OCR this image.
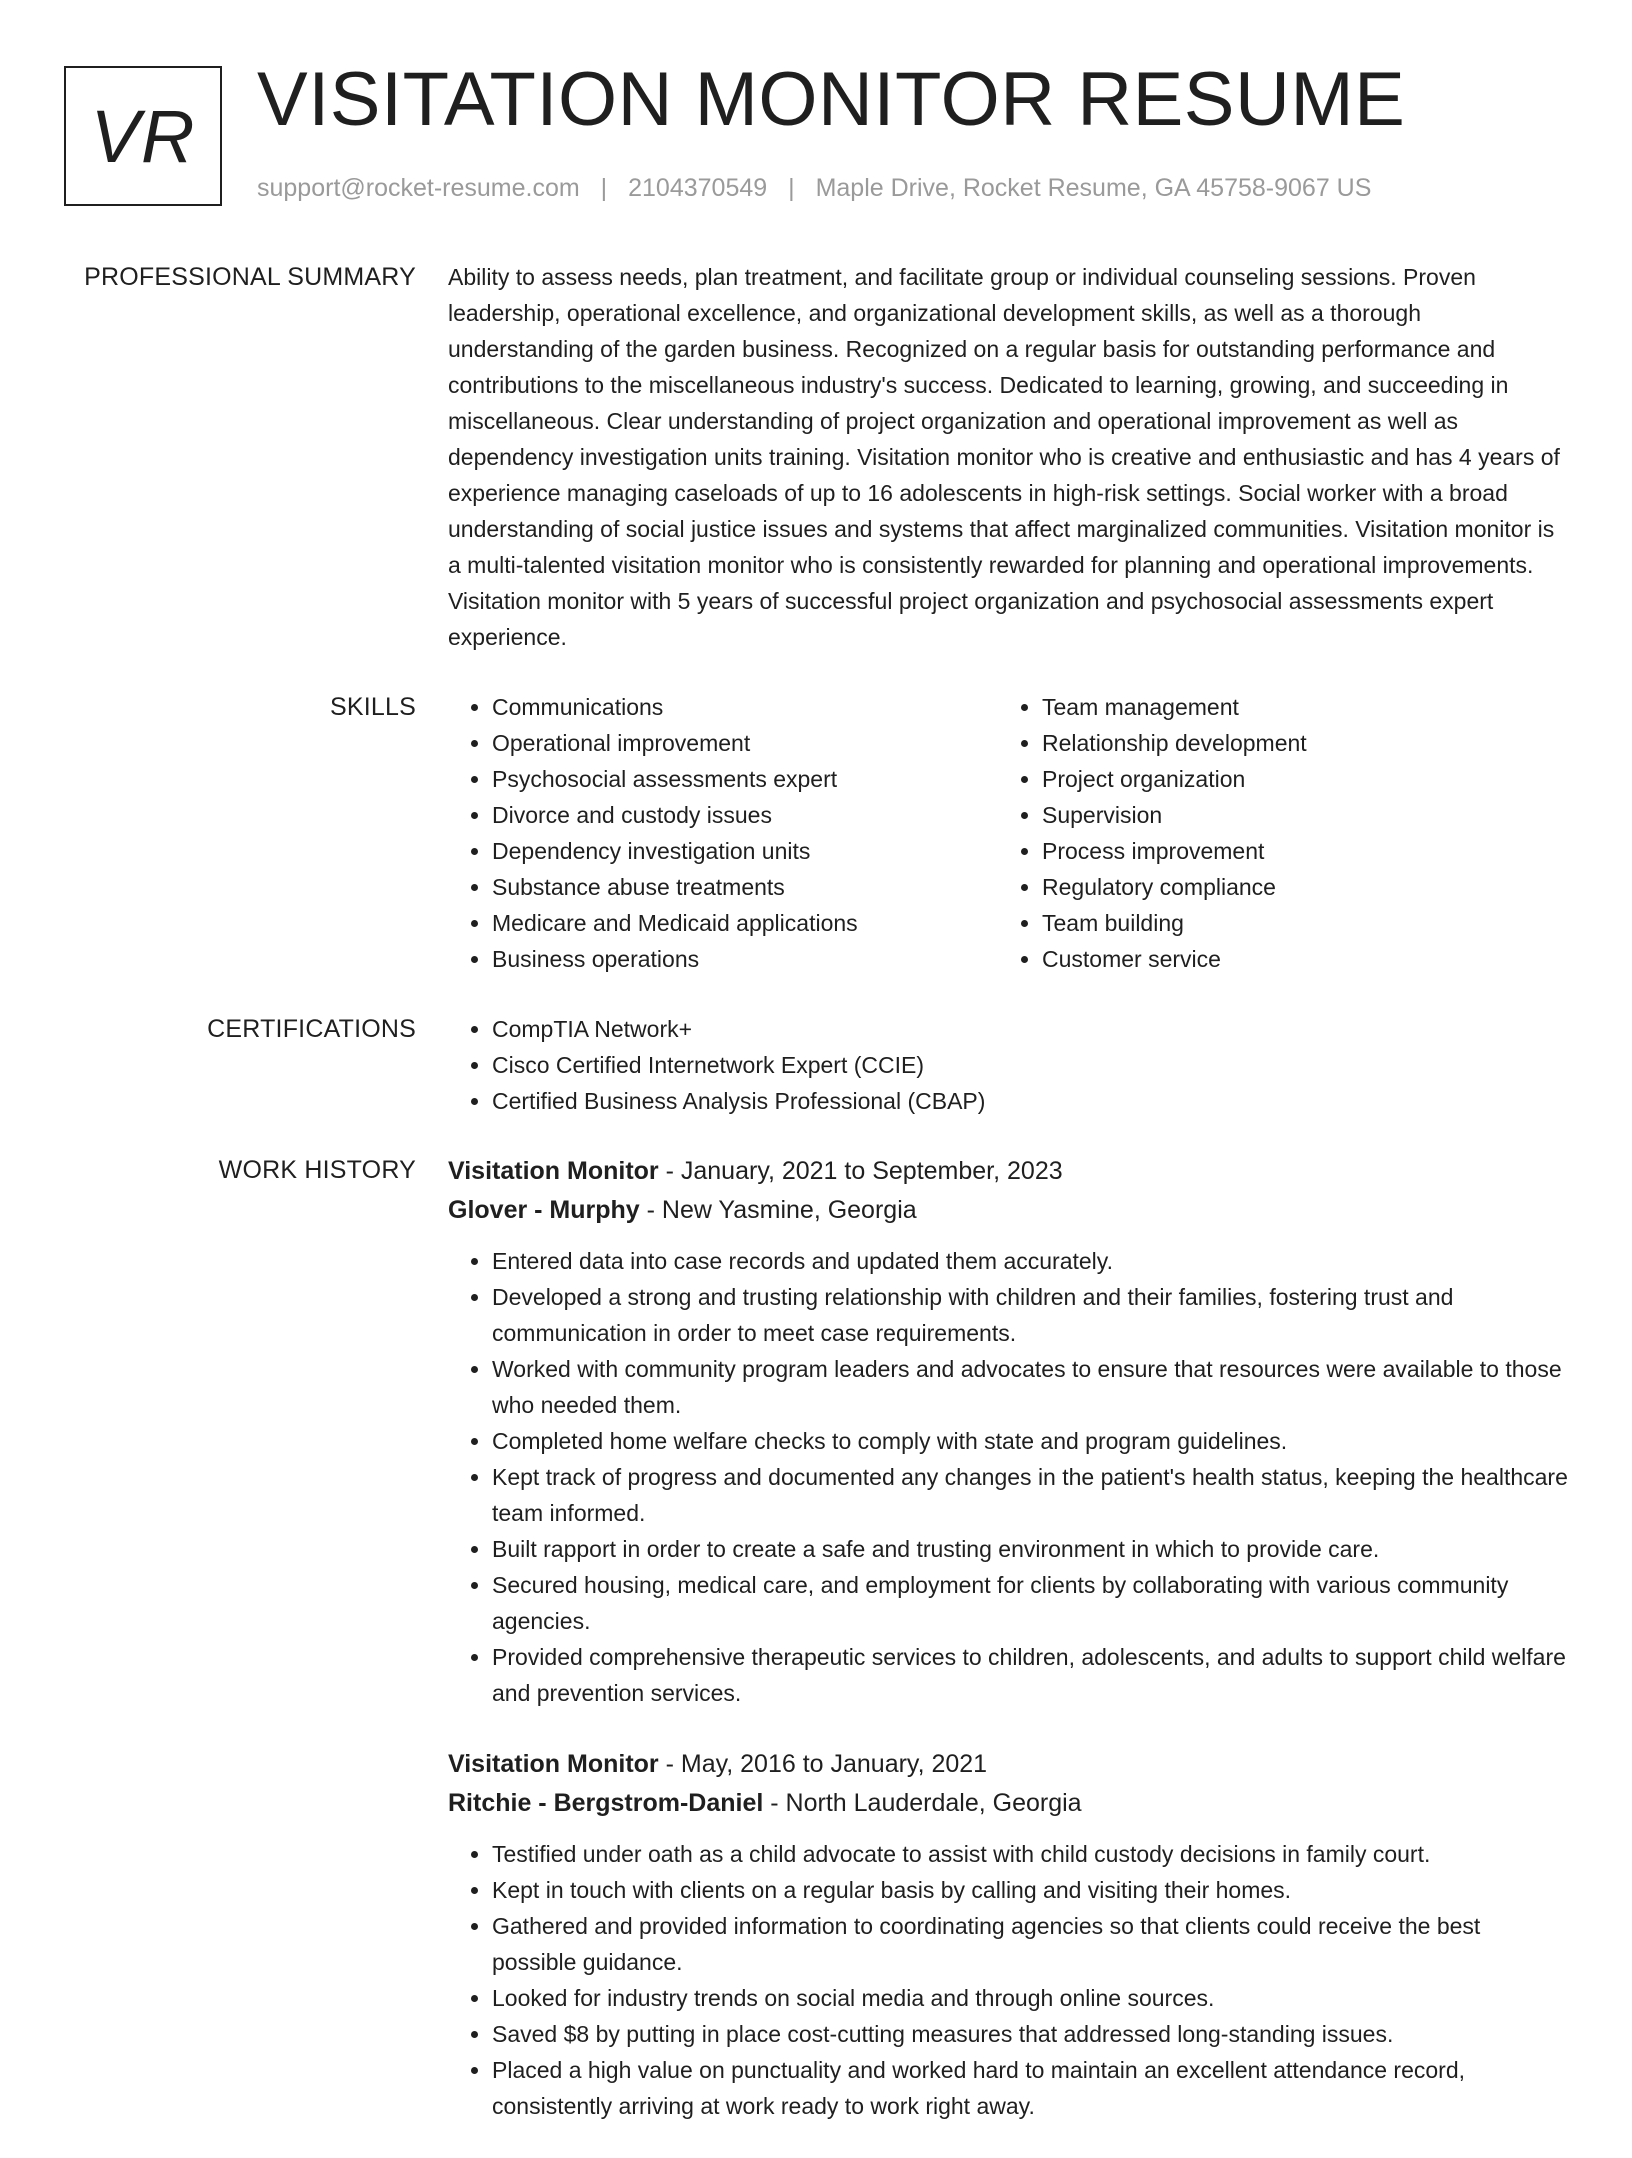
VR VISITATION MONITOR RESUME
support@rocket-resume.com | 2104370549 | Maple Drive, Rocket Resume, GA 45758-9067 US
PROFESSIONAL SUMMARY Ability to assess needs, plan treatment, and facilitate group or individual counseling sessions. Proven leadership, operational excellence, and organizational development skills, as well as a thorough understanding of the garden business. Recognized on a regular basis for outstanding performance and contributions to the miscellaneous industry's success. Dedicated to learning, growing, and succeeding in miscellaneous. Clear understanding of project organization and operational improvement as well as dependency investigation units training. Visitation monitor who is creative and enthusiastic and has 4 years of experience managing caseloads of up to 16 adolescents in high-risk settings. Social worker with a broad understanding of social justice issues and systems that affect marginalized communities. Visitation monitor is a multi-talented visitation monitor who is consistently rewarded for planning and operational improvements. Visitation monitor with 5 years of successful project organization and psychosocial assessments expert experience.

SKILLS	• Communications
• Operational improvement
• Psychosocial assessments expert
• Divorce and custody issues
• Dependency investigation units
• Substance abuse treatments
• Medicare and Medicaid applications
• Business operations
• Team management
• Relationship development
• Project organization
• Supervision
• Process improvement
• Regulatory compliance
• Team building
• Customer service
CERTIFICATIONS	• CompTIA Network+
• Cisco Certified Internetwork Expert (CCIE)
• Certified Business Analysis Professional (CBAP)
WORK HISTORY Visitation Monitor - January, 2021 to September, 2023
Glover - Murphy - New Yasmine, Georgia
• Entered data into case records and updated them accurately.
• Developed a strong and trusting relationship with children and their families, fostering trust and communication in order to meet case requirements.
• Worked with community program leaders and advocates to ensure that resources were available to those who needed them.
• Completed home welfare checks to comply with state and program guidelines.
• Kept track of progress and documented any changes in the patient's health status, keeping the healthcare team informed.
• Built rapport in order to create a safe and trusting environment in which to provide care.
• Secured housing, medical care, and employment for clients by collaborating with various community agencies.
• Provided comprehensive therapeutic services to children, adolescents, and adults to support child welfare and prevention services.
Visitation Monitor - May, 2016 to January, 2021
Ritchie - Bergstrom-Daniel - North Lauderdale, Georgia
• Testified under oath as a child advocate to assist with child custody decisions in family court.
• Kept in touch with clients on a regular basis by calling and visiting their homes.
• Gathered and provided information to coordinating agencies so that clients could receive the best possible guidance.
• Looked for industry trends on social media and through online sources.
• Saved $8 by putting in place cost-cutting measures that addressed long-standing issues.
• Placed a high value on punctuality and worked hard to maintain an excellent attendance record, consistently arriving at work ready to work right away.
